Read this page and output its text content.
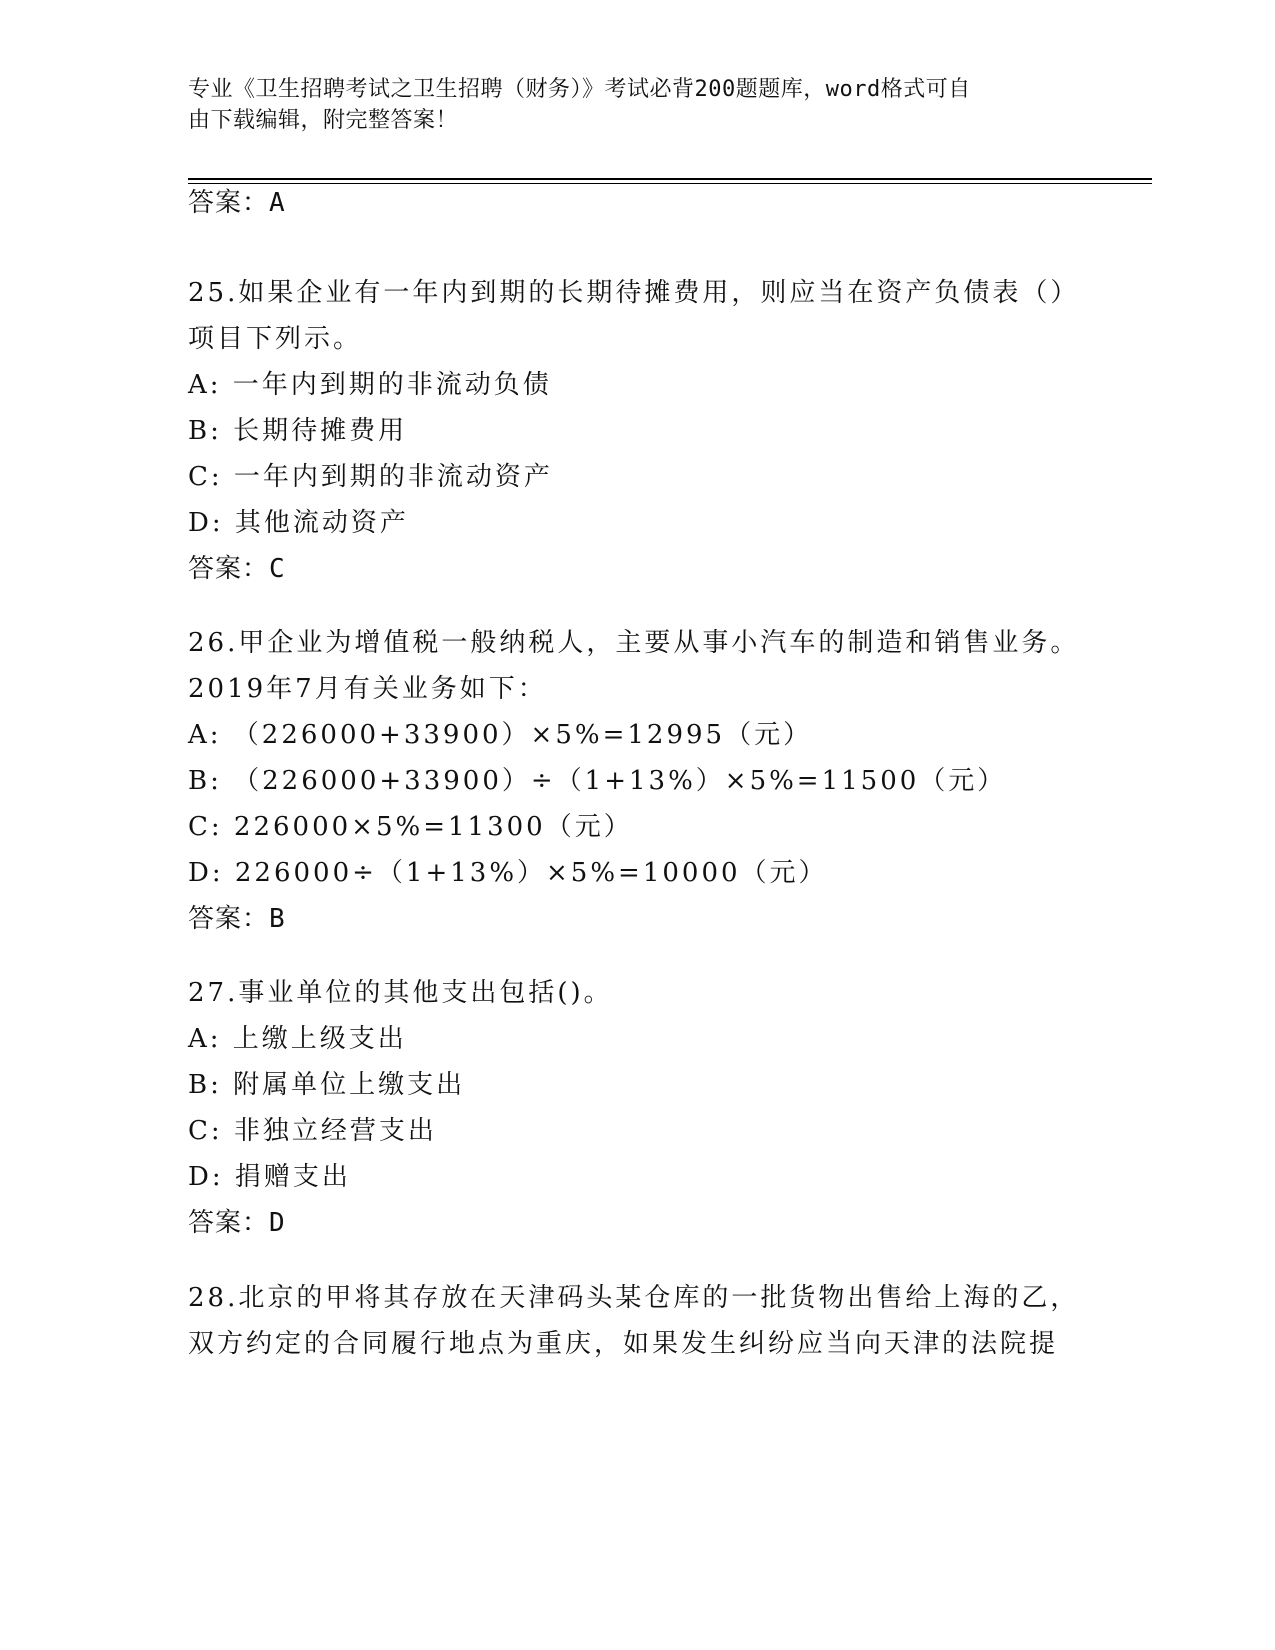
专业《卫生招聘考试之卫生招聘（财务）》考试必背200题题库，word格式可自
由下载编辑，附完整答案！
答案：A
25.如果企业有一年内到期的长期待摊费用，则应当在资产负债表（）
项目下列示。
A: 一年内到期的非流动负债
B: 长期待摊费用
C: 一年内到期的非流动资产
D: 其他流动资产
答案：C
26.甲企业为增值税一般纳税人，主要从事小汽车的制造和销售业务。
2019年7月有关业务如下：
A: （226000+33900）×5%=12995（元）
B: （226000+33900）÷（1+13%）×5%=11500（元）
C: 226000×5%=11300（元）
D: 226000÷（1+13%）×5%=10000（元）
答案：B
27.事业单位的其他支出包括()。
A: 上缴上级支出
B: 附属单位上缴支出
C: 非独立经营支出
D: 捐赠支出
答案：D
28.北京的甲将其存放在天津码头某仓库的一批货物出售给上海的乙，
双方约定的合同履行地点为重庆，如果发生纠纷应当向天津的法院提
